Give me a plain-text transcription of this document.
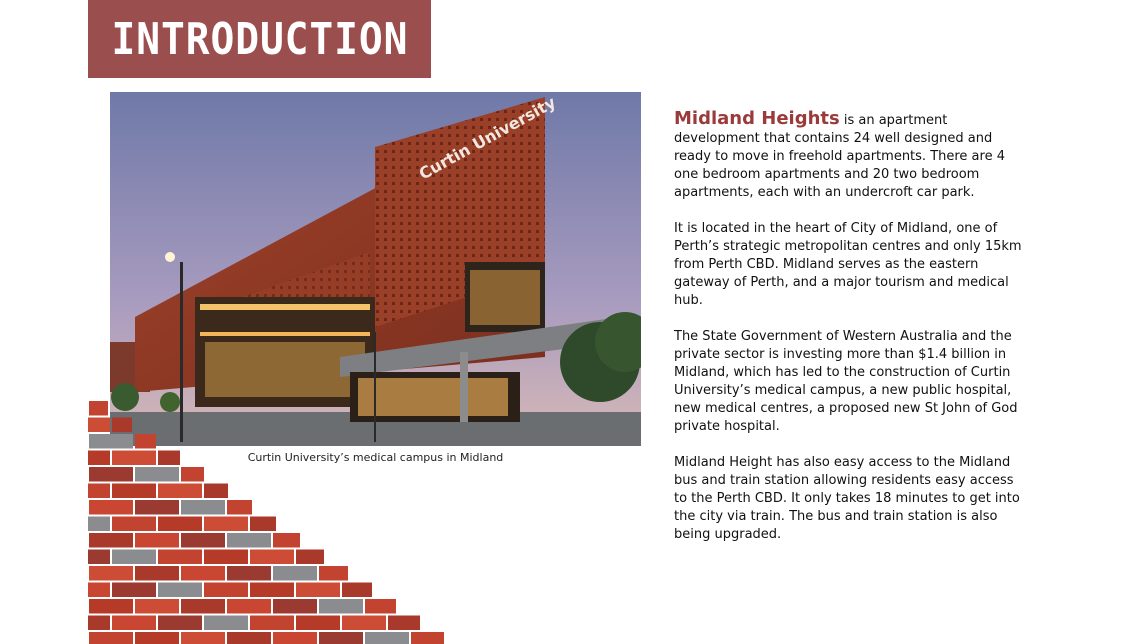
INTRODUCTION
Curtin University
Curtin University’s medical campus in Midland

Midland Heights is an apartment development that contains 24 well designed and ready to move in freehold apartments. There are 4 one bedroom apartments and 20 two bedroom apartments, each with an undercroft car park.

It is located in the heart of City of Midland, one of Perth’s strategic metropolitan centres and only 15km from Perth CBD. Midland serves as the eastern gateway of Perth, and a major tourism and medical hub.

The State Government of Western Australia and the private sector is investing more than $1.4 billion in Midland, which has led to the construction of Curtin University’s medical campus, a new public hospital, new medical centres, a proposed new St John of God private hospital.

Midland Height has also easy access to the Midland bus and train station allowing residents easy access to the Perth CBD. It only takes 18 minutes to get into the city via train. The bus and train station is also being upgraded.
